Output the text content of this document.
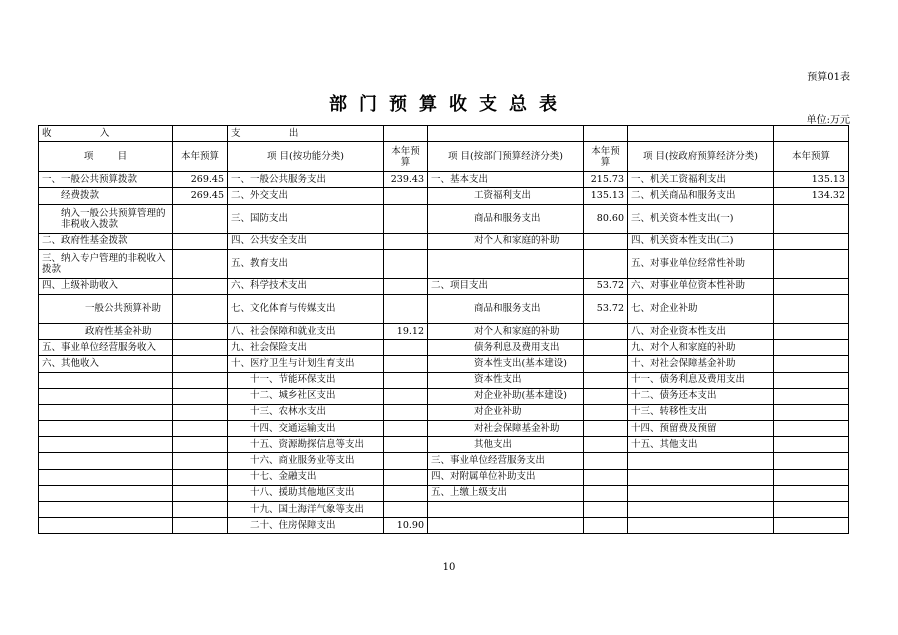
预算01表
部门预算收支总表
单位:万元
收                入		支                出					
项        目	本年预算	项 目(按功能分类)	本年预算	项 目(按部门预算经济分类)	本年预算	项 目(按政府预算经济分类)	本年预算
一、一般公共预算拨款	269.45	一、一般公共服务支出	239.43	一、基本支出	215.73	一、机关工资福利支出	135.13
经费拨款	269.45	二、外交支出		工资福利支出	135.13	二、机关商品和服务支出	134.32
纳入一般公共预算管理的非税收入拨款		三、国防支出		商品和服务支出	80.60	三、机关资本性支出(一)	
二、政府性基金拨款		四、公共安全支出		对个人和家庭的补助		四、机关资本性支出(二)	
三、纳入专户管理的非税收入拨款		五、教育支出				五、对事业单位经常性补助	
四、上级补助收入		六、科学技术支出		二、项目支出	53.72	六、对事业单位资本性补助	
一般公共预算补助		七、文化体育与传媒支出		商品和服务支出	53.72	七、对企业补助	
政府性基金补助		八、社会保障和就业支出	19.12	对个人和家庭的补助		八、对企业资本性支出	
五、事业单位经营服务收入		九、社会保险支出		债务利息及费用支出		九、对个人和家庭的补助	
六、其他收入		十、医疗卫生与计划生育支出		资本性支出(基本建设)		十、对社会保障基金补助	
		十一、节能环保支出		资本性支出		十一、债务利息及费用支出	
		十二、城乡社区支出		对企业补助(基本建设)		十二、债务还本支出	
		十三、农林水支出		对企业补助		十三、转移性支出	
		十四、交通运输支出		对社会保障基金补助		十四、预留费及预留	
		十五、资源勘探信息等支出		其他支出		十五、其他支出	
		十六、商业服务业等支出		三、事业单位经营服务支出			
		十七、金融支出		四、对附属单位补助支出			
		十八、援助其他地区支出		五、上缴上级支出			
		十九、国土海洋气象等支出					
		二十、住房保障支出	10.90				
10
